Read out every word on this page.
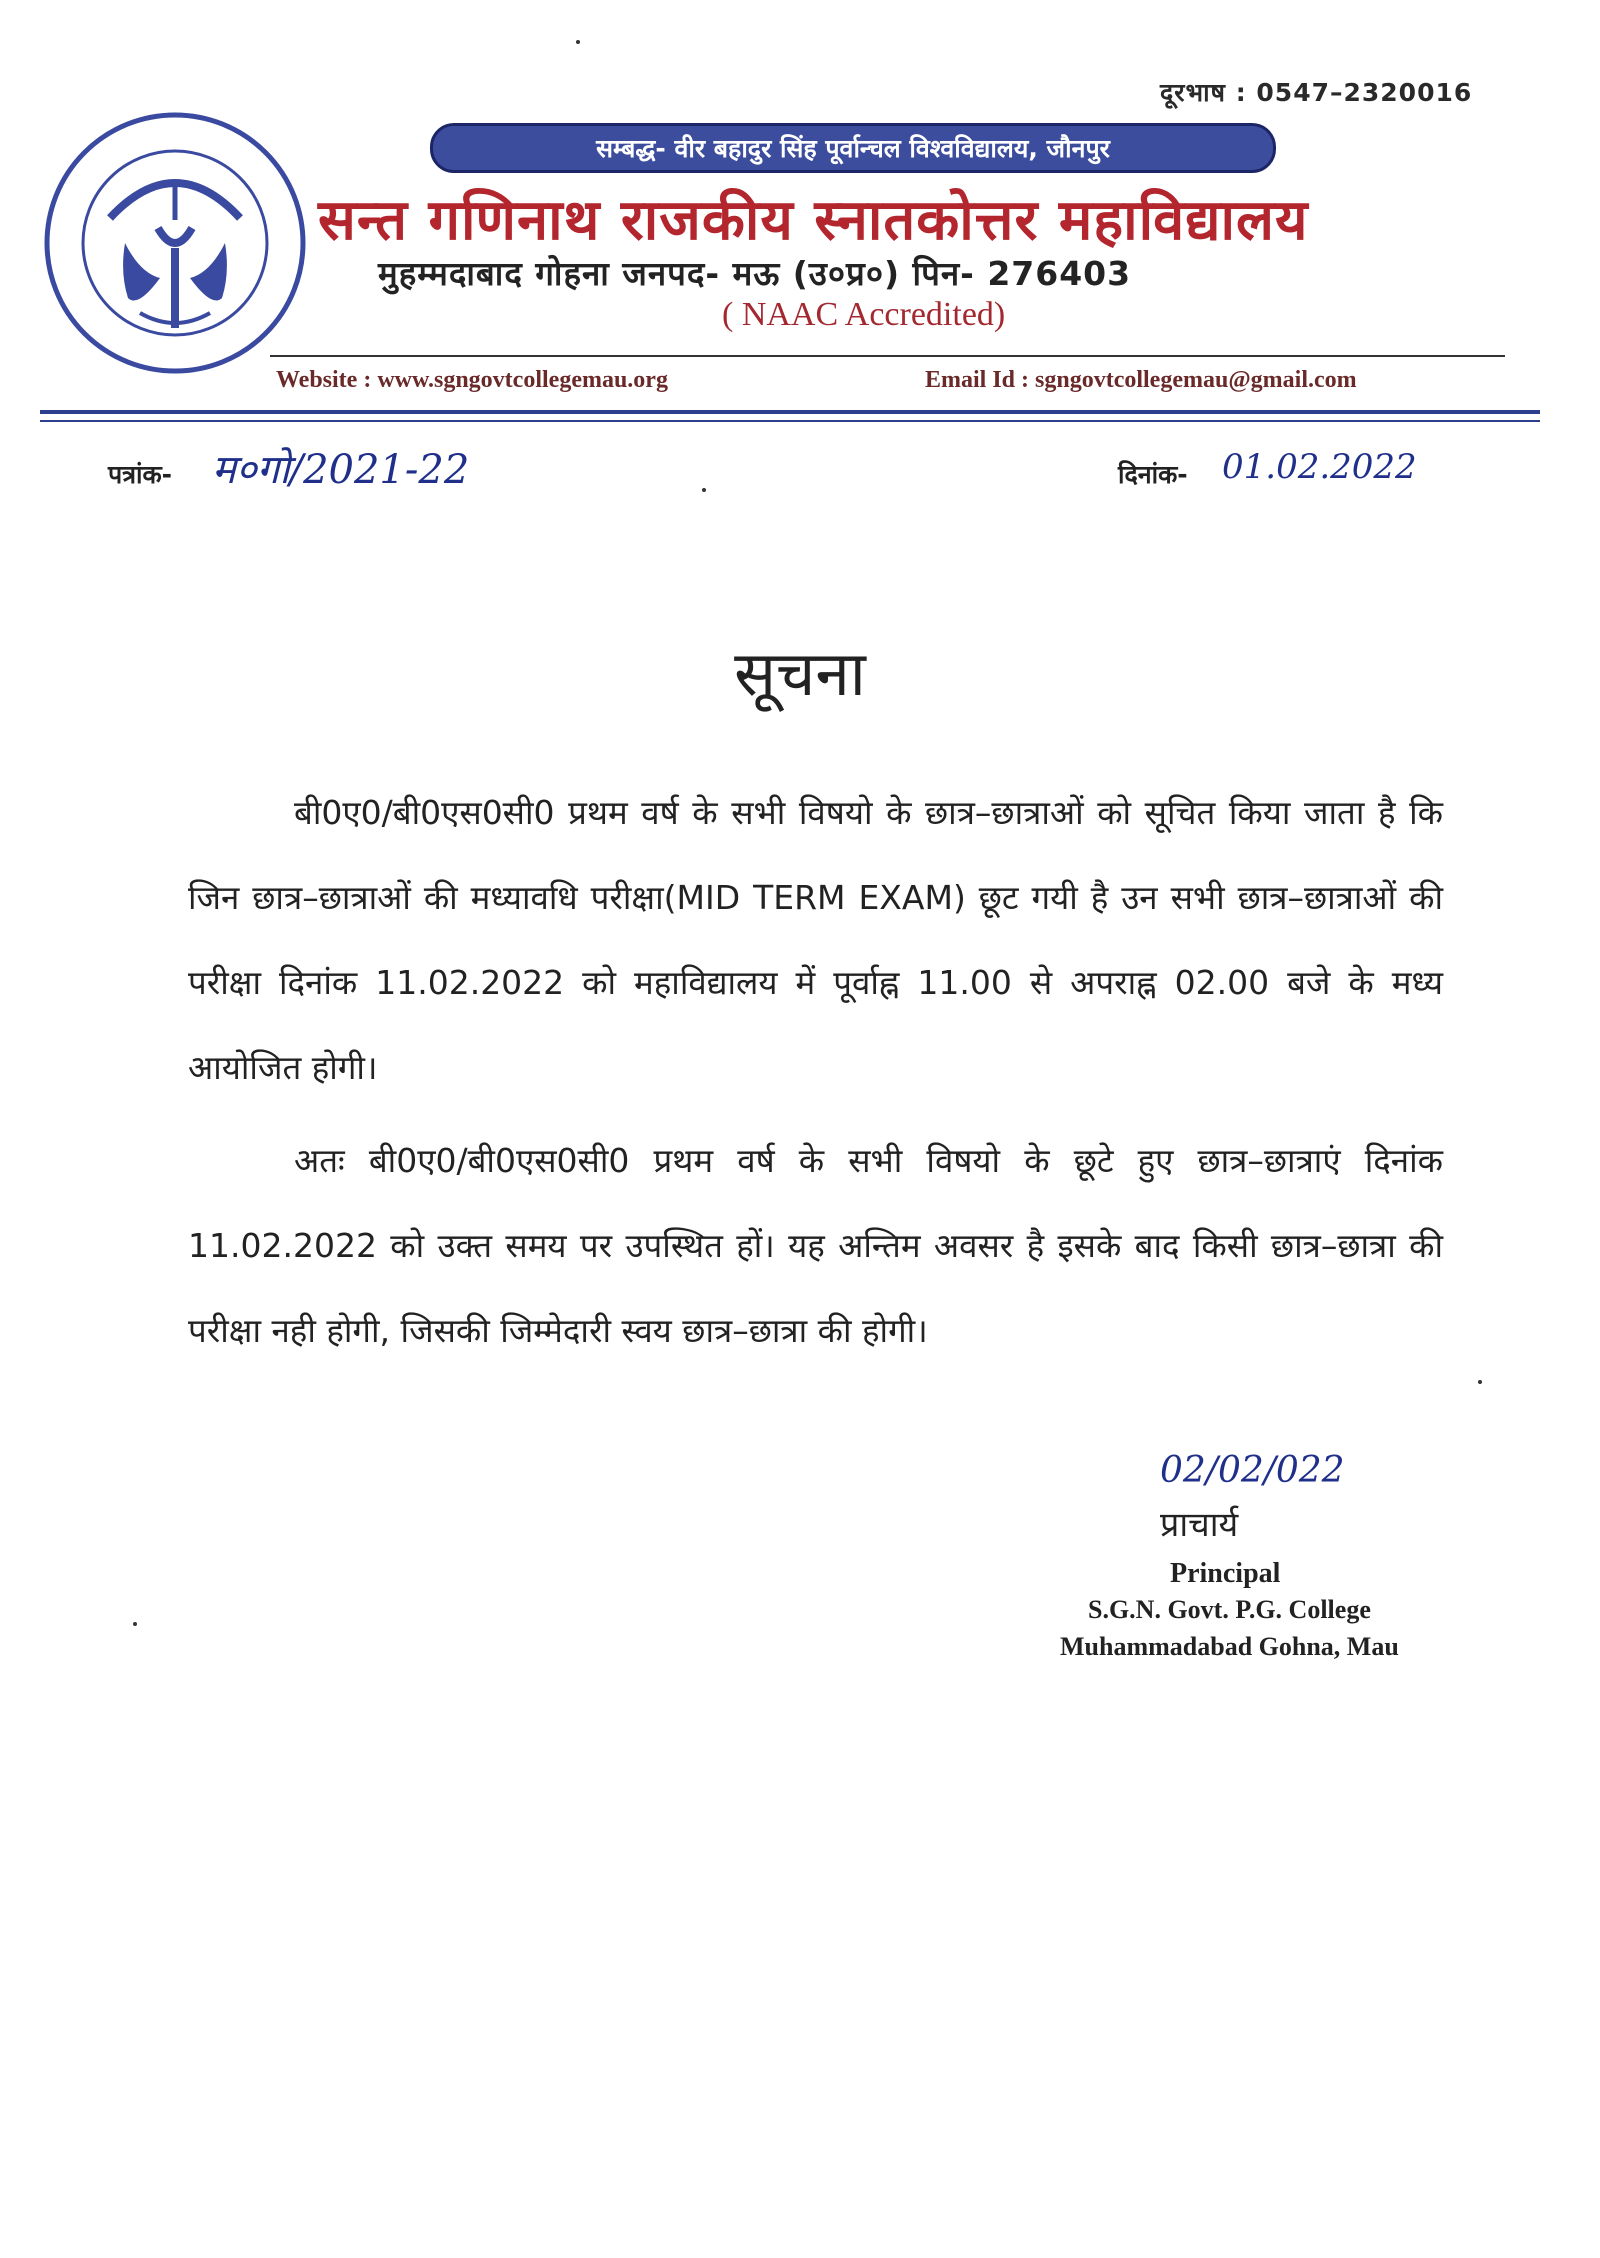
दूरभाष : 0547–2320016
सम्बद्ध- वीर बहादुर सिंह पूर्वान्चल विश्वविद्यालय, जौनपुर
सन्त गणिनाथ राजकीय स्नातकोत्तर महाविद्यालय
मुहम्मदाबाद गोहना जनपद- मऊ (उ०प्र०) पिन- 276403
( NAAC Accredited)
Website : www.sgngovtcollegemau.org	Email Id : sgngovtcollegemau@gmail.com
पत्रांक- म०गो/2021-22	दिनांक- 01.02.2022
सूचना
बी0ए0/बी0एस0सी0 प्रथम वर्ष के सभी विषयो के छात्र–छात्राओं को सूचित किया जाता है कि जिन छात्र–छात्राओं की मध्यावधि परीक्षा(MID TERM EXAM) छूट गयी है उन सभी छात्र–छात्राओं की परीक्षा दिनांक 11.02.2022 को महाविद्यालय में पूर्वाह्न 11.00 से अपराह्न 02.00 बजे के मध्य आयोजित होगी।
अतः बी0ए0/बी0एस0सी0 प्रथम वर्ष के सभी विषयो के छूटे हुए छात्र–छात्राएं दिनांक 11.02.2022 को उक्त समय पर उपस्थित हों। यह अन्तिम अवसर है इसके बाद किसी छात्र–छात्रा की परीक्षा नही होगी, जिसकी जिम्मेदारी स्वय छात्र–छात्रा की होगी।
02/02/022
प्राचार्य
Principal
S.G.N. Govt. P.G. College
Muhammadabad Gohna, Mau
